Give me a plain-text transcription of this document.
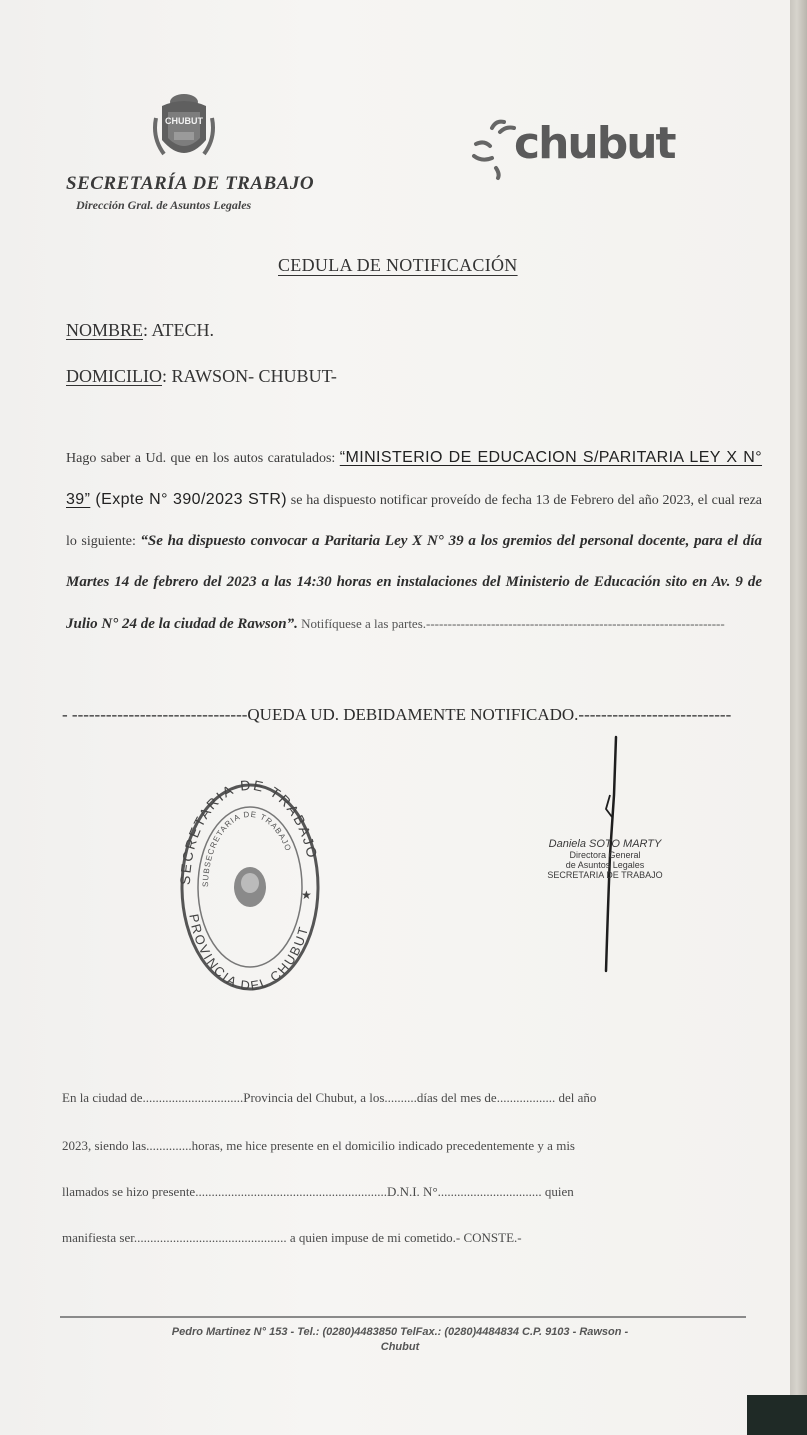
CHUBUT
SECRETARÍA DE TRABAJO
Dirección Gral. de Asuntos Legales
chubut
CEDULA DE NOTIFICACIÓN
NOMBRE: ATECH.
DOMICILIO: RAWSON- CHUBUT-
Hago saber a Ud. que en los autos caratulados: “MINISTERIO DE EDUCACION S/PARITARIA LEY X N° 39” (Expte N° 390/2023 STR) se ha dispuesto notificar proveído de fecha 13 de Febrero del año 2023, el cual reza lo siguiente: “Se ha dispuesto convocar a Paritaria Ley X N° 39 a los gremios del personal docente, para el día Martes 14 de febrero del 2023 a las 14:30 horas en instalaciones del Ministerio de Educación sito en Av. 9 de Julio N° 24 de la ciudad de Rawson”. Notifíquese a las partes.---------------------------------------------------------------------
- -------------------------------QUEDA UD. DEBIDAMENTE NOTIFICADO.---------------------------
SECRETARIA DE TRABAJO
SUBSECRETARIA DE TRABAJO
PROVINCIA DEL CHUBUT
★
Daniela SOTO MARTY
Directora General
de Asuntos Legales
SECRETARIA DE TRABAJO
En la ciudad de...............................Provincia del Chubut, a los..........días del mes de.................. del año
2023, siendo las..............horas, me hice presente en el domicilio indicado precedentemente y a mis
llamados se hizo presente...........................................................D.N.I. N°................................ quien
manifiesta ser............................................... a quien impuse de mi cometido.- CONSTE.-
Pedro Martinez N° 153 - Tel.: (0280)4483850 TelFax.: (0280)4484834 C.P. 9103 - Rawson -
Chubut
